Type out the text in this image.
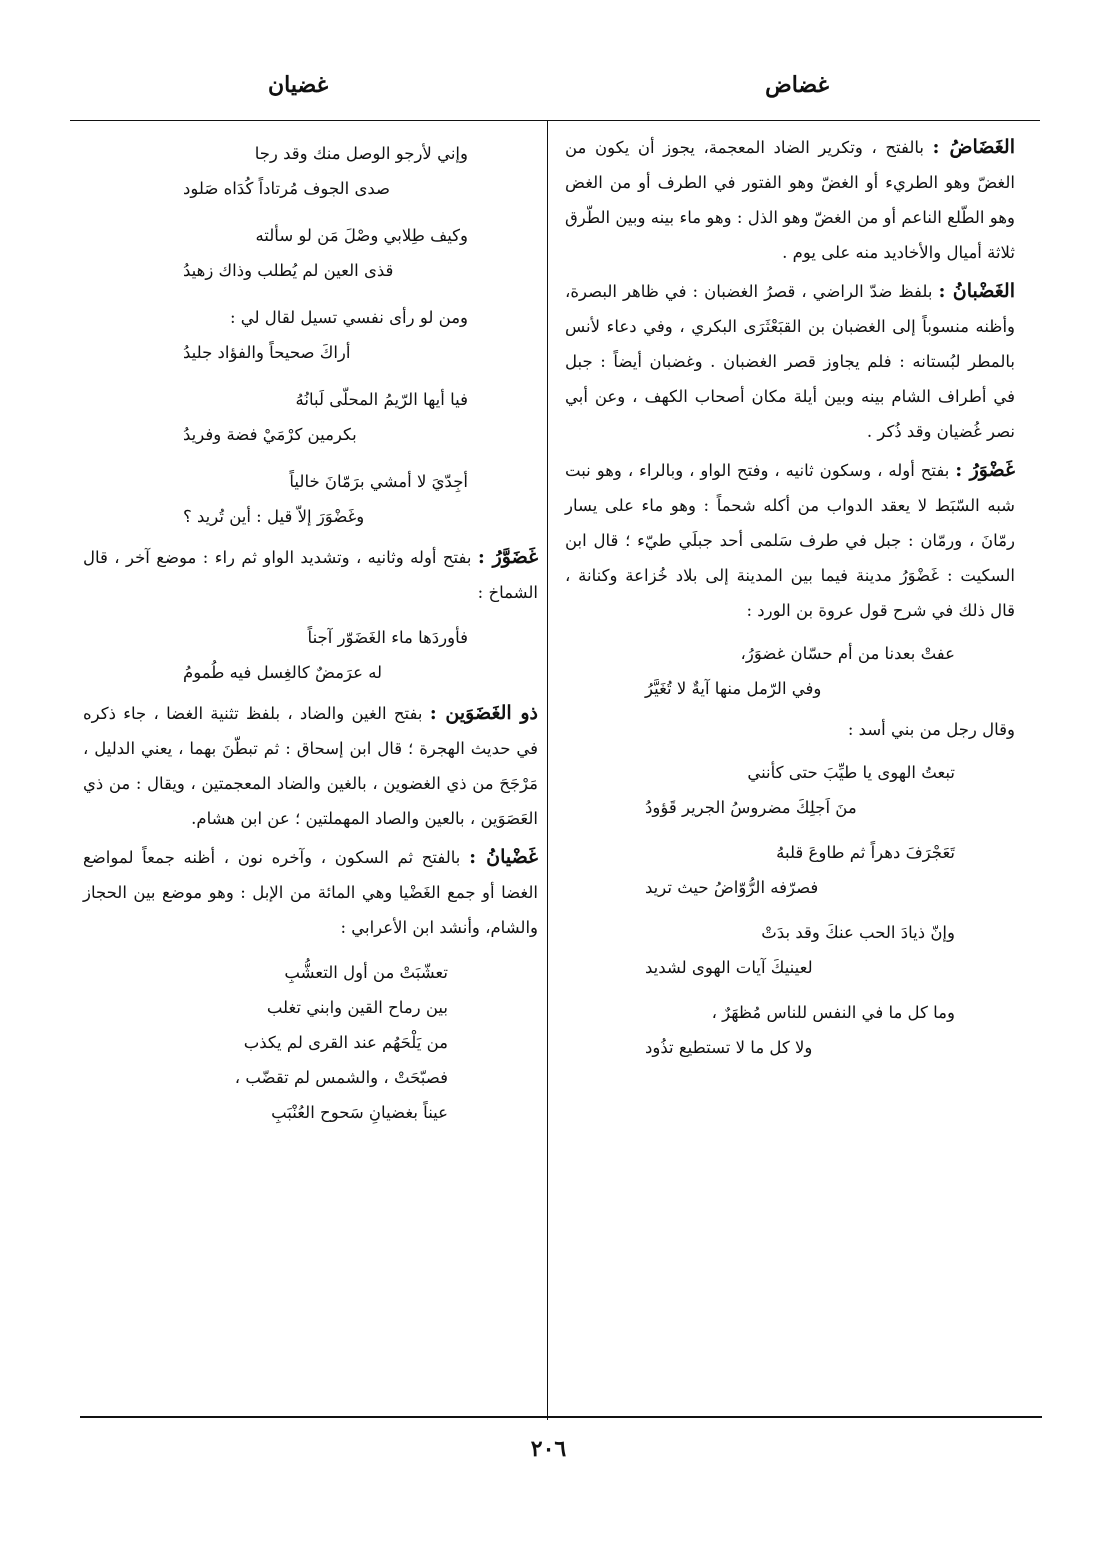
غضاض
غضيان

الغَضَاضُ : بالفتح ، وتكرير الضاد المعجمة، يجوز أن يكون من الغضّ وهو الطريء أو الغضّ وهو الفتور في الطرف أو من الغض وهو الطّلع الناعم أو من الغضّ وهو الذل : وهو ماء بينه وبين الطّرق ثلاثة أميال والأخاديد منه على يوم .

الغَضْبانُ : بلفظ ضدّ الراضي ، قصرُ الغضبان : في ظاهر البصرة، وأظنه منسوباً إلى الغضبان بن القبَعْثَرَى البكري ، وفي دعاء لأنس بالمطر لبُستانه : فلم يجاوز قصر الغضبان . وغضبان أيضاً : جبل في أطراف الشام بينه وبين أيلة مكان أصحاب الكهف ، وعن أبي نصر غُضيان وقد ذُكر .

غَضْوَرُ : بفتح أوله ، وسكون ثانيه ، وفتح الواو ، وبالراء ، وهو نبت شبه السّبَط لا يعقد الدواب من أكله شحماً : وهو ماء على يسار رمّانَ ، ورمّان : جبل في طرف سَلمى أحد جبلَي طيّء ؛ قال ابن السكيت : غَضْوَرُ مدينة فيما بين المدينة إلى بلاد خُزاعة وكنانة ، قال ذلك في شرح قول عروة بن الورد :

عفتْ بعدنا من أم حسّان غضوَرُ،
وفي الرّمل منها آيةٌ لا تُغَيَّرُ

وقال رجل من بني أسد :

تبعتُ الهوى يا طيِّبَ حتى كأنني
منَ اَجلِكَ مضروسُ الجرير قَؤودُ
تَعَجْرَفَ دهراً ثم طاوعَ قلبهُ
فصرّفه الرُّوّاضُ حيث تريد
وإنّ ذيادَ الحب عنكَ وقد بدَتْ
لعينيكَ آيات الهوى لشديد
وما كل ما في النفس للناس مُظهَرٌ ،
ولا كل ما لا تستطيع تذُود
وإني لأرجو الوصل منك وقد رجا
صدى الجوف مُرتاداً كُدَاه صَلود
وكيف طِلابي وصْلَ مَن لو سألته
قذى العين لم يُطلب وذاك زهيدُ
ومن لو رأى نفسي تسيل لقال لي :
أراكَ صحيحاً والفؤاد جليدُ
فيا أيها الرّيمُ المحلّى لَبانُهُ
بكرمين كرْمَيْ فضة وفريدُ
أجِدّيَ لا أمشي برَمّانَ خالياً
وغَضْوَرَ إلاّ قيل : أين تُريد ؟

غَضَوَّرُ : بفتح أوله وثانيه ، وتشديد الواو ثم راء : موضع آخر ، قال الشماخ :

فأوردَها ماء الغَضَوّر آجناً
له عرَمضٌ كالغِسل فيه طُمومُ

ذو الغَضَوَين : بفتح الغين والضاد ، بلفظ تثنية الغضا ، جاء ذكره في حديث الهجرة ؛ قال ابن إسحاق : ثم تبطّنَ بهما ، يعني الدليل ، مَرْجَحَ من ذي الغضوين ، بالغين والضاد المعجمتين ، ويقال : من ذي العَصَوَين ، بالعين والصاد المهملتين ؛ عن ابن هشام.

غَضْيانُ : بالفتح ثم السكون ، وآخره نون ، أظنه جمعاً لمواضع الغضا أو جمع الغَضْيا وهي المائة من الإبل : وهو موضع بين الحجاز والشام، وأنشد ابن الأعرابي :

تعشّبَتْ من أول التعشُّبِ
بين رماح القين وابني تغلب
من يَلْحَهُم عند القرى لم يكذب
فصبّحَتْ ، والشمس لم تقضّب ،
عيناً بغضيانِ سَحوح العُنْبَبِ
٢٠٦
